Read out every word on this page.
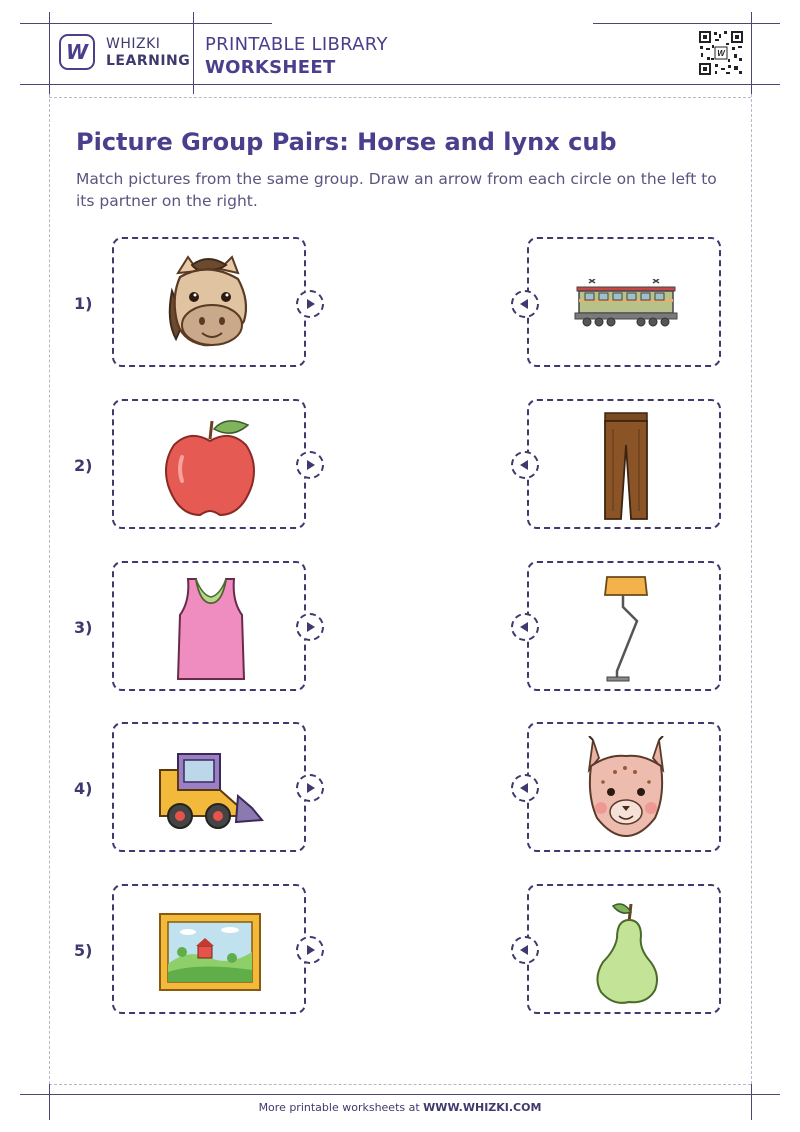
W WHIZKI
LEARNING
PRINTABLE LIBRARY
WORKSHEET
W
Picture Group Pairs: Horse and lynx cub
Match pictures from the same group. Draw an arrow from each circle on the left to its partner on the right.
1)
2)
3)
4)
5)
More printable worksheets at WWW.WHIZKI.COM
